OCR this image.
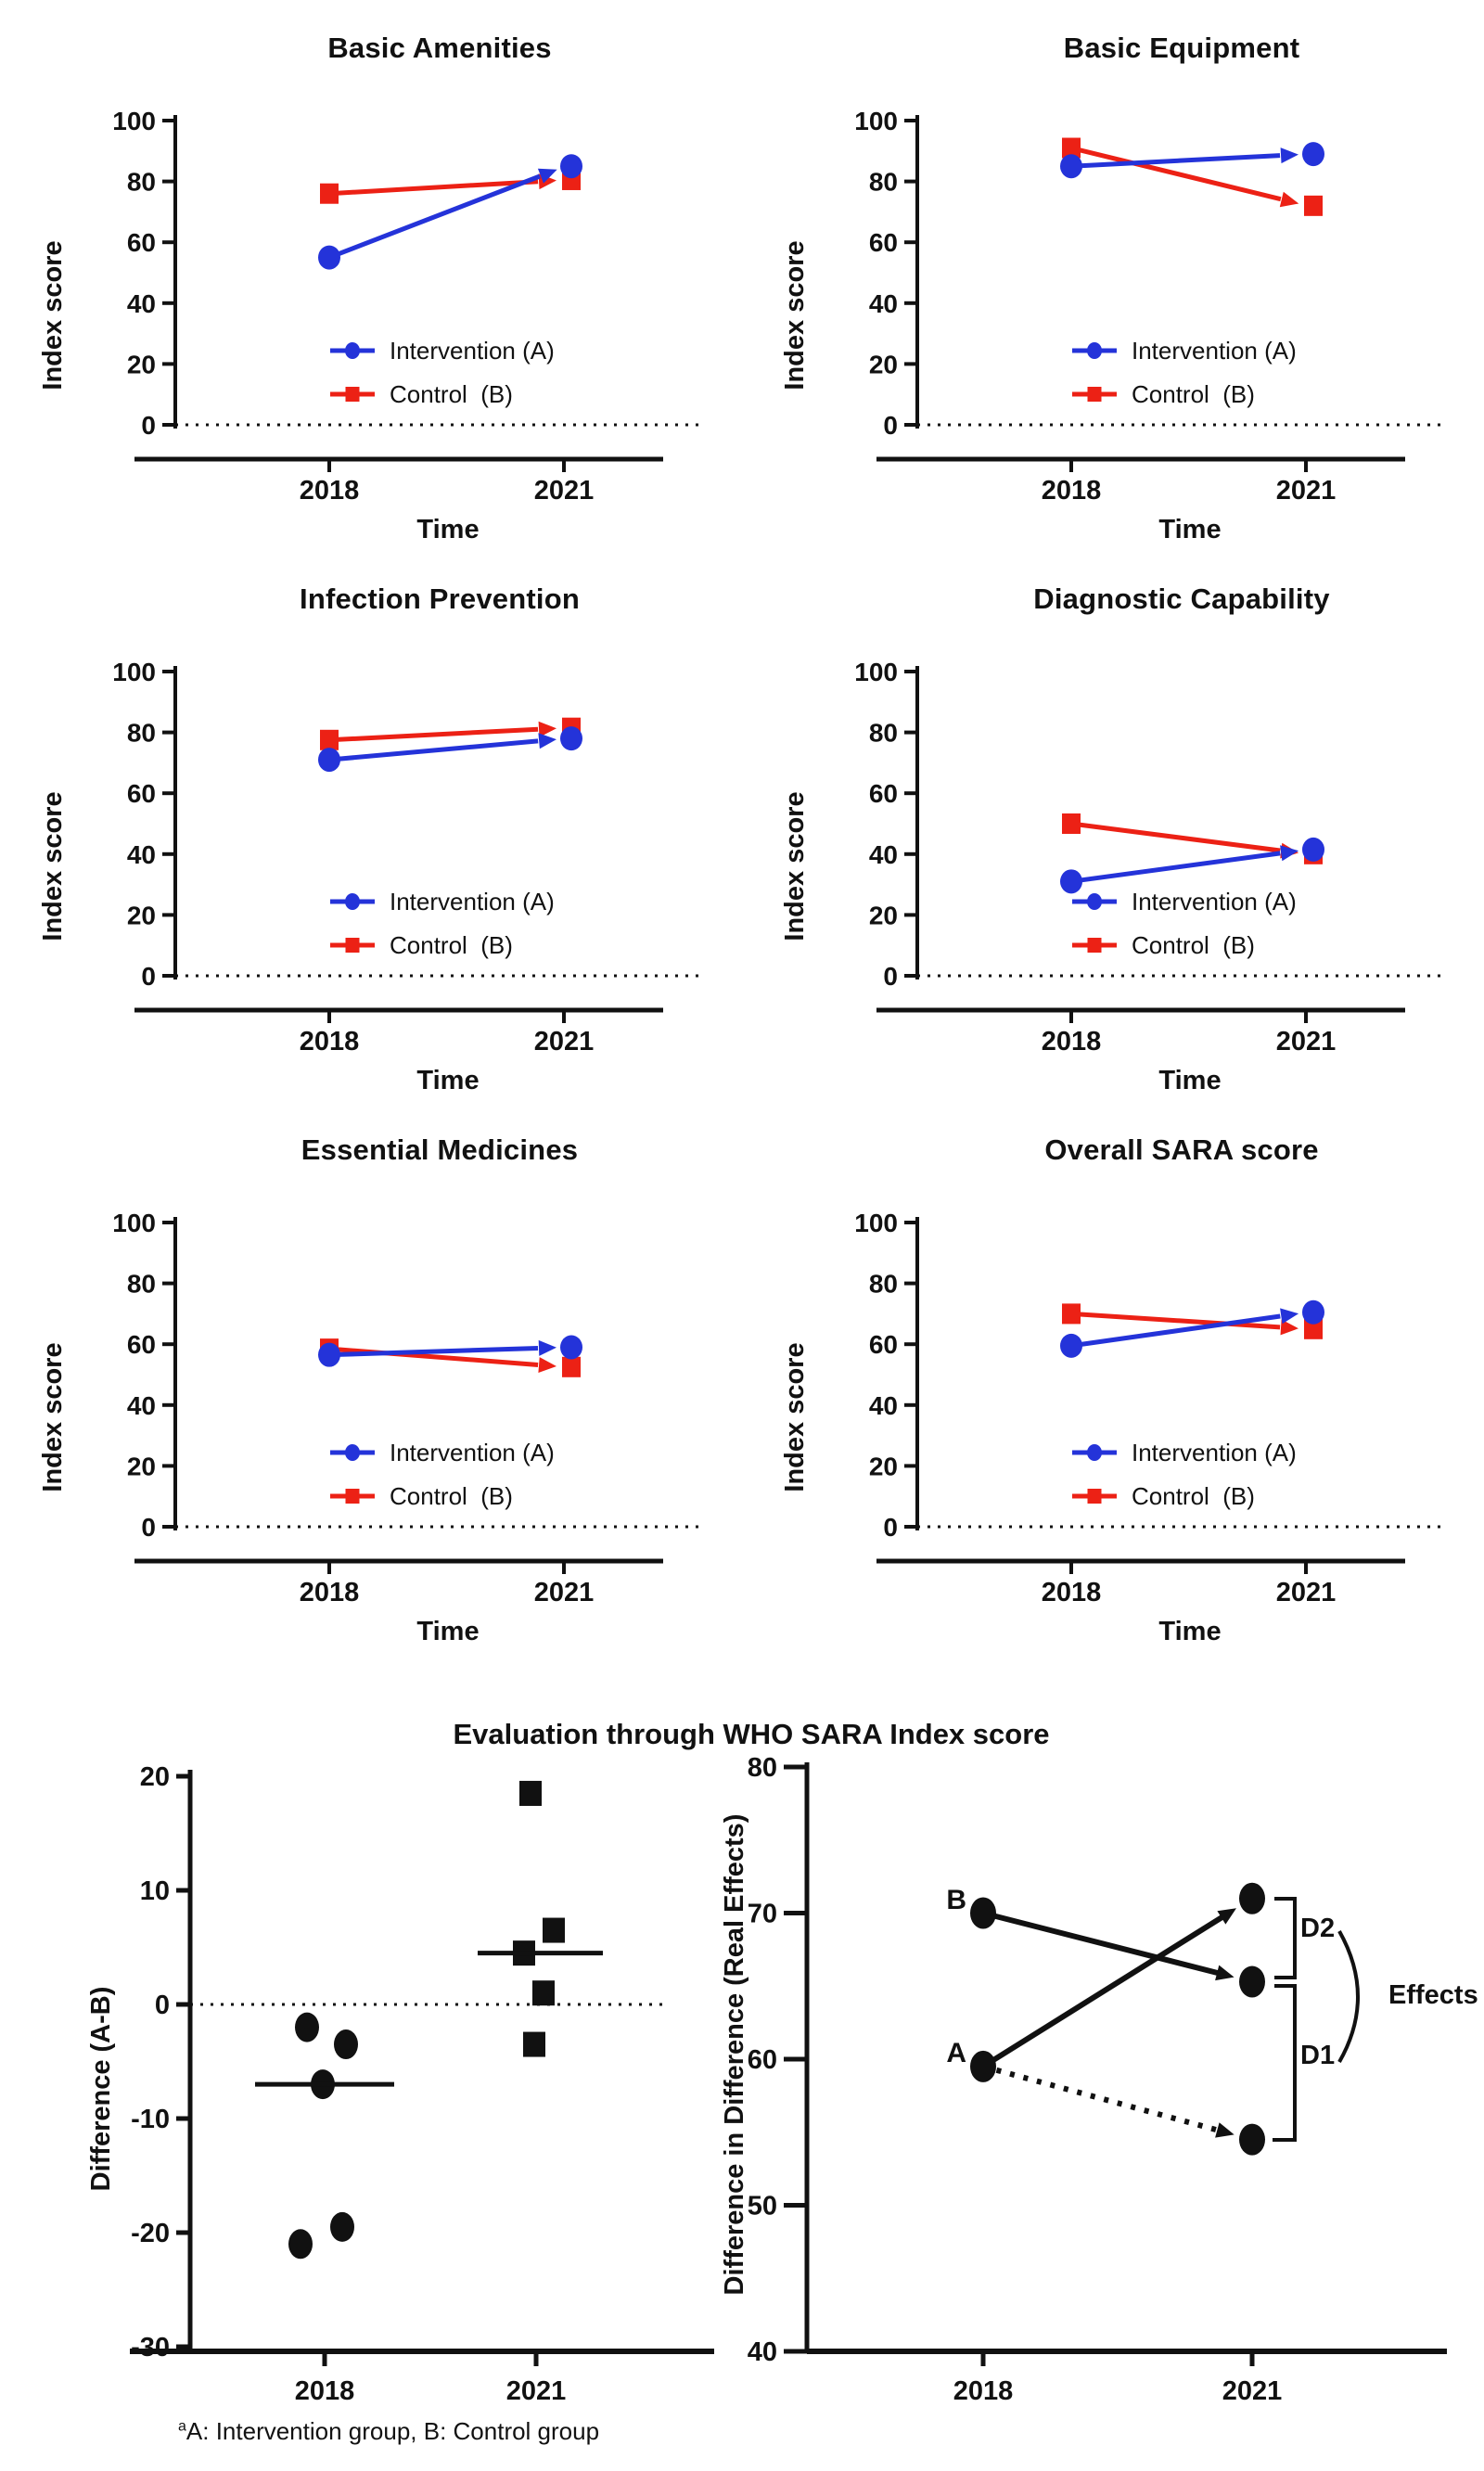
Basic Amenities
100
80
60
40
20
0
Index score
2018	2021
Time
Intervention (A)
Control  (B)
Basic Equipment
100
80
60
40
20
0
Index score
2018	2021
Time
Intervention (A)
Control  (B)
Infection Prevention
100
80
60
40
20
0
Index score
2018	2021
Time
Intervention (A)
Control  (B)
Diagnostic Capability
100
80
60
40
20
0
Index score
2018	2021
Time
Intervention (A)
Control  (B)
Essential Medicines
100
80
60
40
20
0
Index score
2018	2021
Time
Intervention (A)
Control  (B)
Overall SARA score
100
80
60
40
20
0
Index score
2018	2021
Time
Intervention (A)
Control  (B)
Evaluation through WHO SARA Index score
20
10
0
-10
-20
-30
Difference (A-B)
2018	2021
80
70
60
50
40
Difference in Difference (Real Effects)
2018	2021
B
A
D2
D1
Effects
$^a$A: Intervention group, B: Control group
